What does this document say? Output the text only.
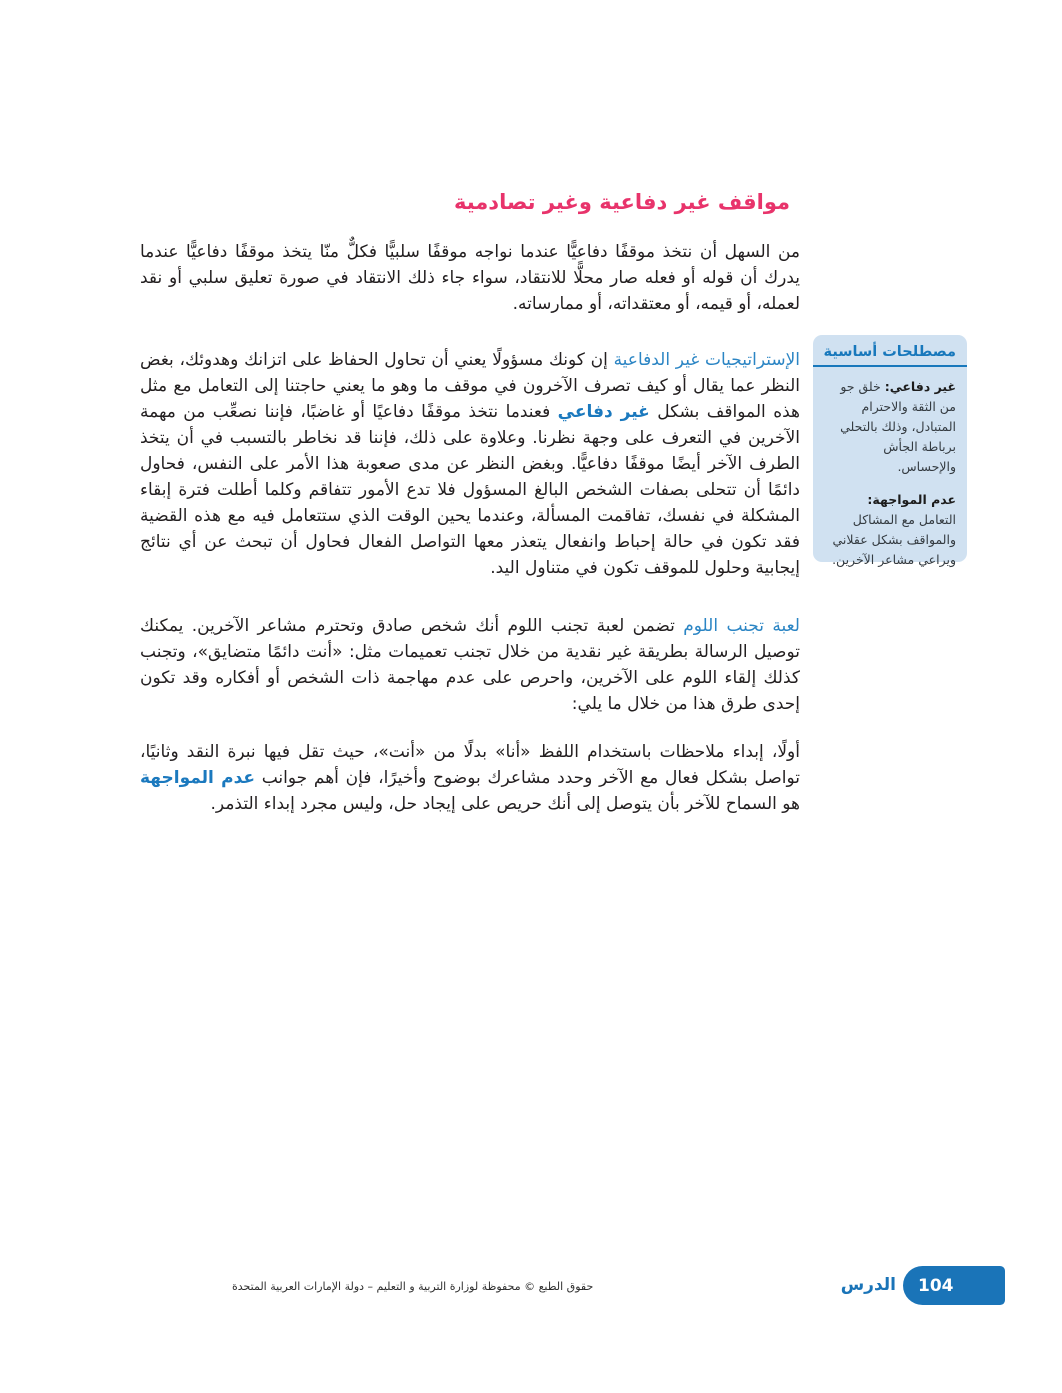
مواقف غير دفاعية وغير تصادمية

من السهل أن نتخذ موقفًا دفاعيًّا عندما نواجه موقفًا سلبيًّا فكلٌّ منّا يتخذ موقفًا دفاعيًّا عندما يدرك أن قوله أو فعله صار محلًّا للانتقاد، سواء جاء ذلك الانتقاد في صورة تعليق سلبي أو نقد لعمله، أو قيمه، أو معتقداته، أو ممارساته.

الإستراتيجيات غير الدفاعية إن كونك مسؤولًا يعني أن تحاول الحفاظ على اتزانك وهدوئك، بغض النظر عما يقال أو كيف تصرف الآخرون في موقف ما وهو ما يعني حاجتنا إلى التعامل مع مثل هذه المواقف بشكل غير دفاعي فعندما نتخذ موقفًا دفاعيًا أو غاضبًا، فإننا نصعِّب من مهمة الآخرين في التعرف على وجهة نظرنا. وعلاوة على ذلك، فإننا قد نخاطر بالتسبب في أن يتخذ الطرف الآخر أيضًا موقفًا دفاعيًّا. وبغض النظر عن مدى صعوبة هذا الأمر على النفس، فحاول دائمًا أن تتحلى بصفات الشخص البالغ المسؤول فلا تدع الأمور تتفاقم وكلما أطلت فترة إبقاء المشكلة في نفسك، تفاقمت المسألة، وعندما يحين الوقت الذي ستتعامل فيه مع هذه القضية فقد تكون في حالة إحباط وانفعال يتعذر معها التواصل الفعال فحاول أن تبحث عن أي نتائج إيجابية وحلول للموقف تكون في متناول اليد.

لعبة تجنب اللوم تضمن لعبة تجنب اللوم أنك شخص صادق وتحترم مشاعر الآخرين. يمكنك توصيل الرسالة بطريقة غير نقدية من خلال تجنب تعميمات مثل: «أنت دائمًا متضايق»، وتجنب كذلك إلقاء اللوم على الآخرين، واحرص على عدم مهاجمة ذات الشخص أو أفكاره وقد تكون إحدى طرق هذا من خلال ما يلي:

أولًا، إبداء ملاحظات باستخدام اللفظ «أنا» بدلًا من «أنت»، حيث تقل فيها نبرة النقد وثانيًا، تواصل بشكل فعال مع الآخر وحدد مشاعرك بوضوح وأخيرًا، فإن أهم جوانب عدم المواجهة هو السماح للآخر بأن يتوصل إلى أنك حريص على إيجاد حل، وليس مجرد إبداء التذمر.

مصطلحات أساسية
غير دفاعي: خلق جو من الثقة والاحترام المتبادل، وذلك بالتحلي برباطة الجأش والإحساس.
عدم المواجهة:
التعامل مع المشاكل والمواقف بشكل عقلاني ويراعي مشاعر الآخرين.
حقوق الطبع © محفوظة لوزارة التربية و التعليم – دولة الإمارات العربية المتحدة	الدرس 104
